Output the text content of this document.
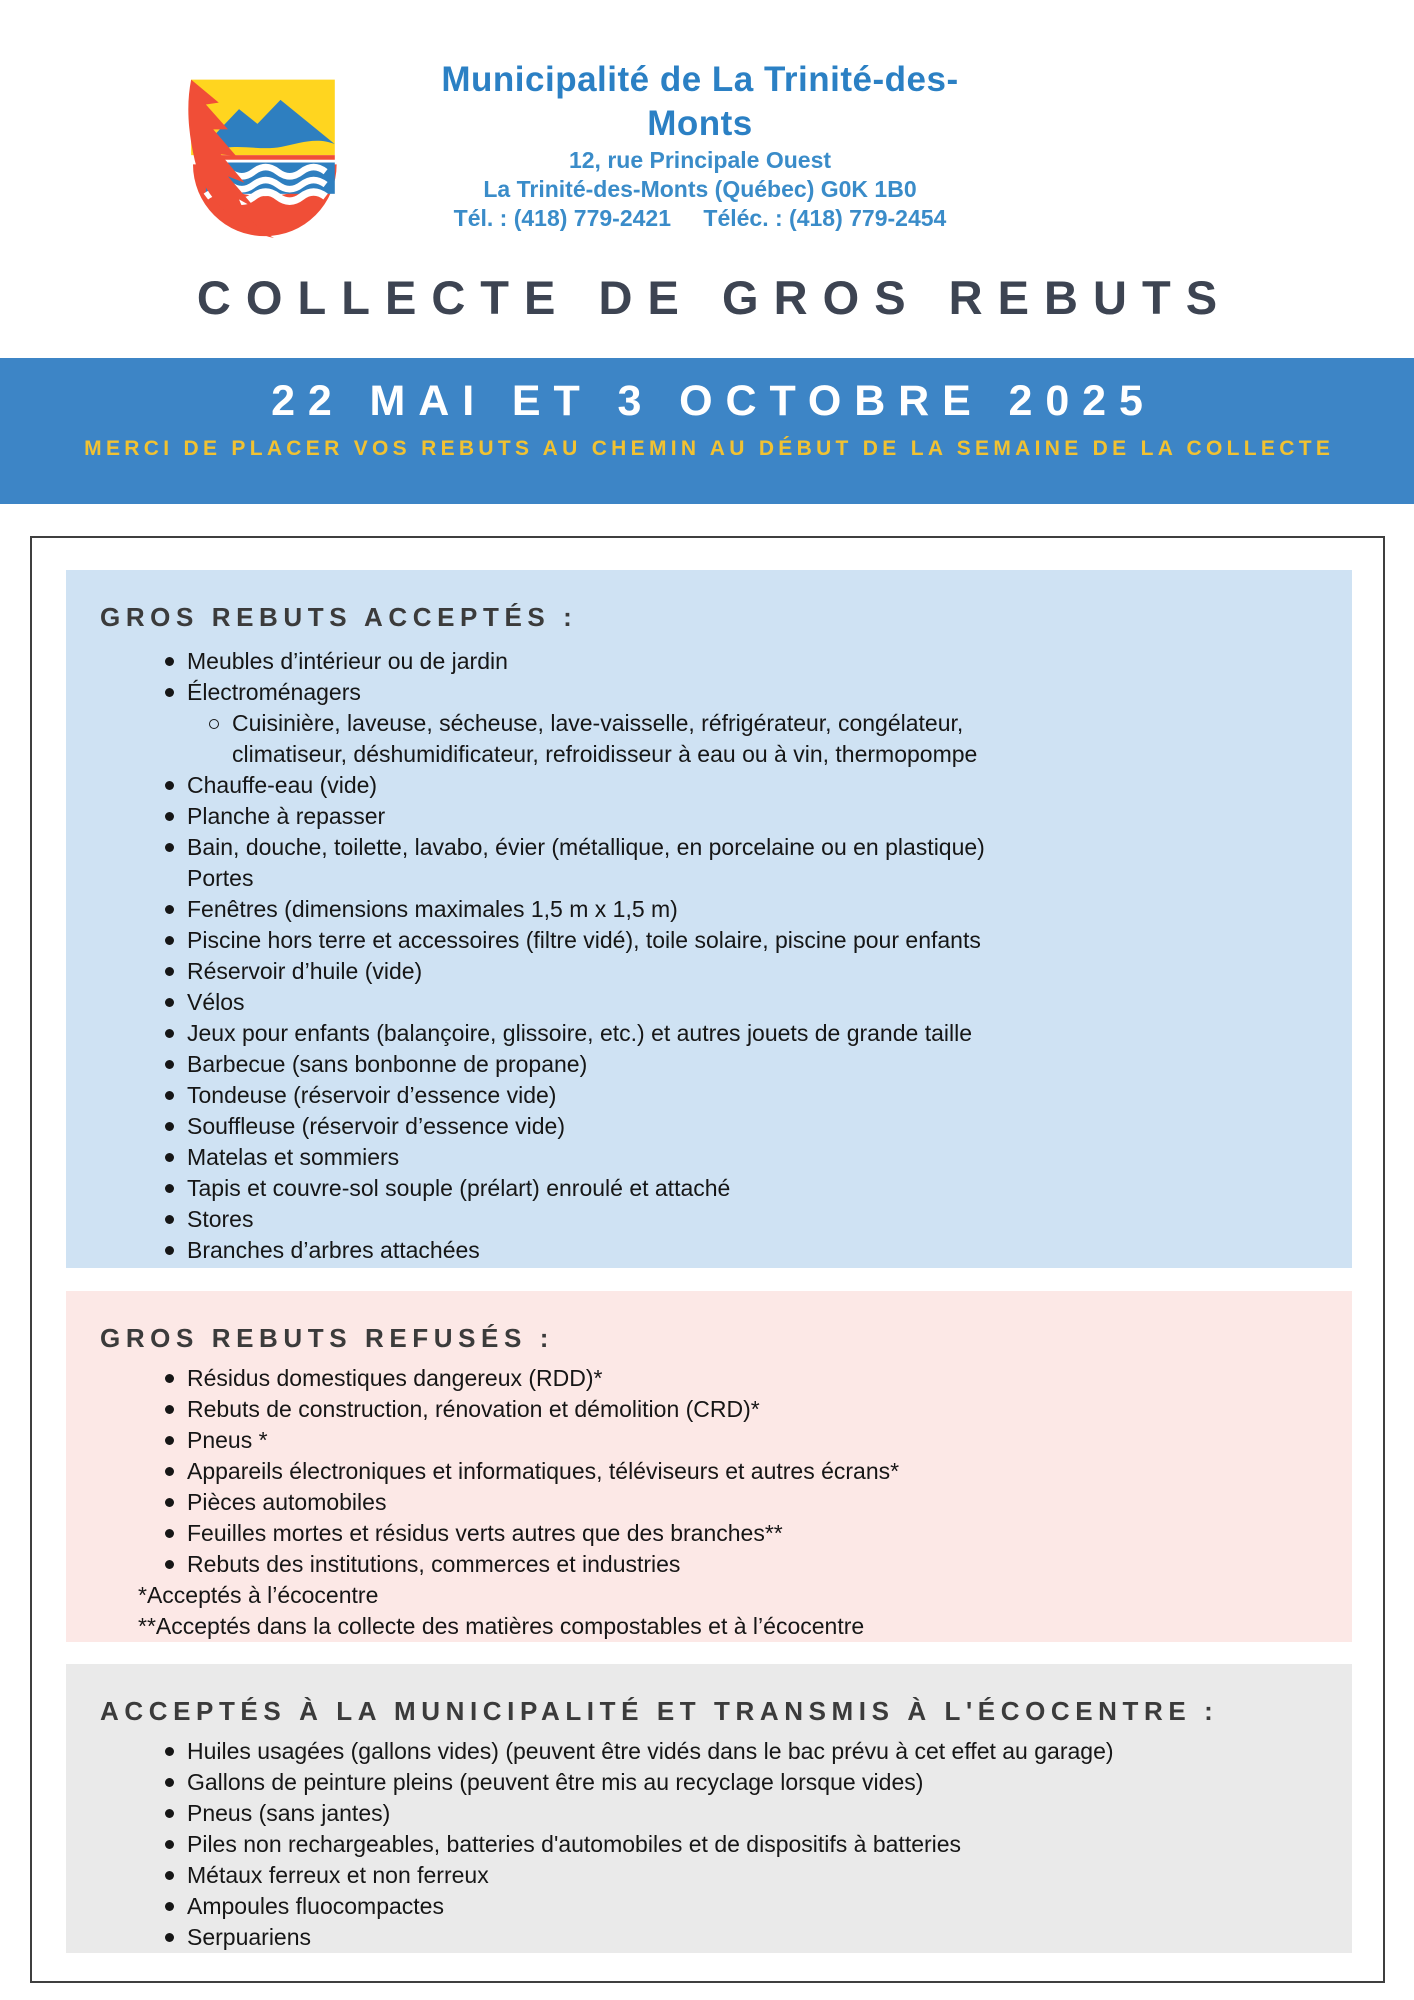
Municipalité de La Trinité-des-Monts
12, rue Principale Ouest
La Trinité-des-Monts (Québec) G0K 1B0
Tél. : (418) 779-2421 Téléc. : (418) 779-2454
COLLECTE DE GROS REBUTS
22 MAI ET 3 OCTOBRE 2025
MERCI DE PLACER VOS REBUTS AU CHEMIN AU DÉBUT DE LA SEMAINE DE LA COLLECTE
GROS REBUTS ACCEPTÉS :
Meubles d’intérieur ou de jardin
Électroménagers
Cuisinière, laveuse, sécheuse, lave-vaisselle, réfrigérateur, congélateur,
climatiseur, déshumidificateur, refroidisseur à eau ou à vin, thermopompe
Chauffe-eau (vide)
Planche à repasser
Bain, douche, toilette, lavabo, évier (métallique, en porcelaine ou en plastique)
Portes
Fenêtres (dimensions maximales 1,5 m x 1,5 m)
Piscine hors terre et accessoires (filtre vidé), toile solaire, piscine pour enfants
Réservoir d’huile (vide)
Vélos
Jeux pour enfants (balançoire, glissoire, etc.) et autres jouets de grande taille
Barbecue (sans bonbonne de propane)
Tondeuse (réservoir d’essence vide)
Souffleuse (réservoir d’essence vide)
Matelas et sommiers
Tapis et couvre-sol souple (prélart) enroulé et attaché
Stores
Branches d’arbres attachées
GROS REBUTS REFUSÉS :
Résidus domestiques dangereux (RDD)*
Rebuts de construction, rénovation et démolition (CRD)*
Pneus *
Appareils électroniques et informatiques, téléviseurs et autres écrans*
Pièces automobiles
Feuilles mortes et résidus verts autres que des branches**
Rebuts des institutions, commerces et industries
*Acceptés à l’écocentre
**Acceptés dans la collecte des matières compostables et à l’écocentre
ACCEPTÉS À LA MUNICIPALITÉ ET TRANSMIS À L'ÉCOCENTRE :
Huiles usagées (gallons vides) (peuvent être vidés dans le bac prévu à cet effet au garage)
Gallons de peinture pleins (peuvent être mis au recyclage lorsque vides)
Pneus (sans jantes)
Piles non rechargeables, batteries d'automobiles et de dispositifs à batteries
Métaux ferreux et non ferreux
Ampoules fluocompactes
Serpuariens
